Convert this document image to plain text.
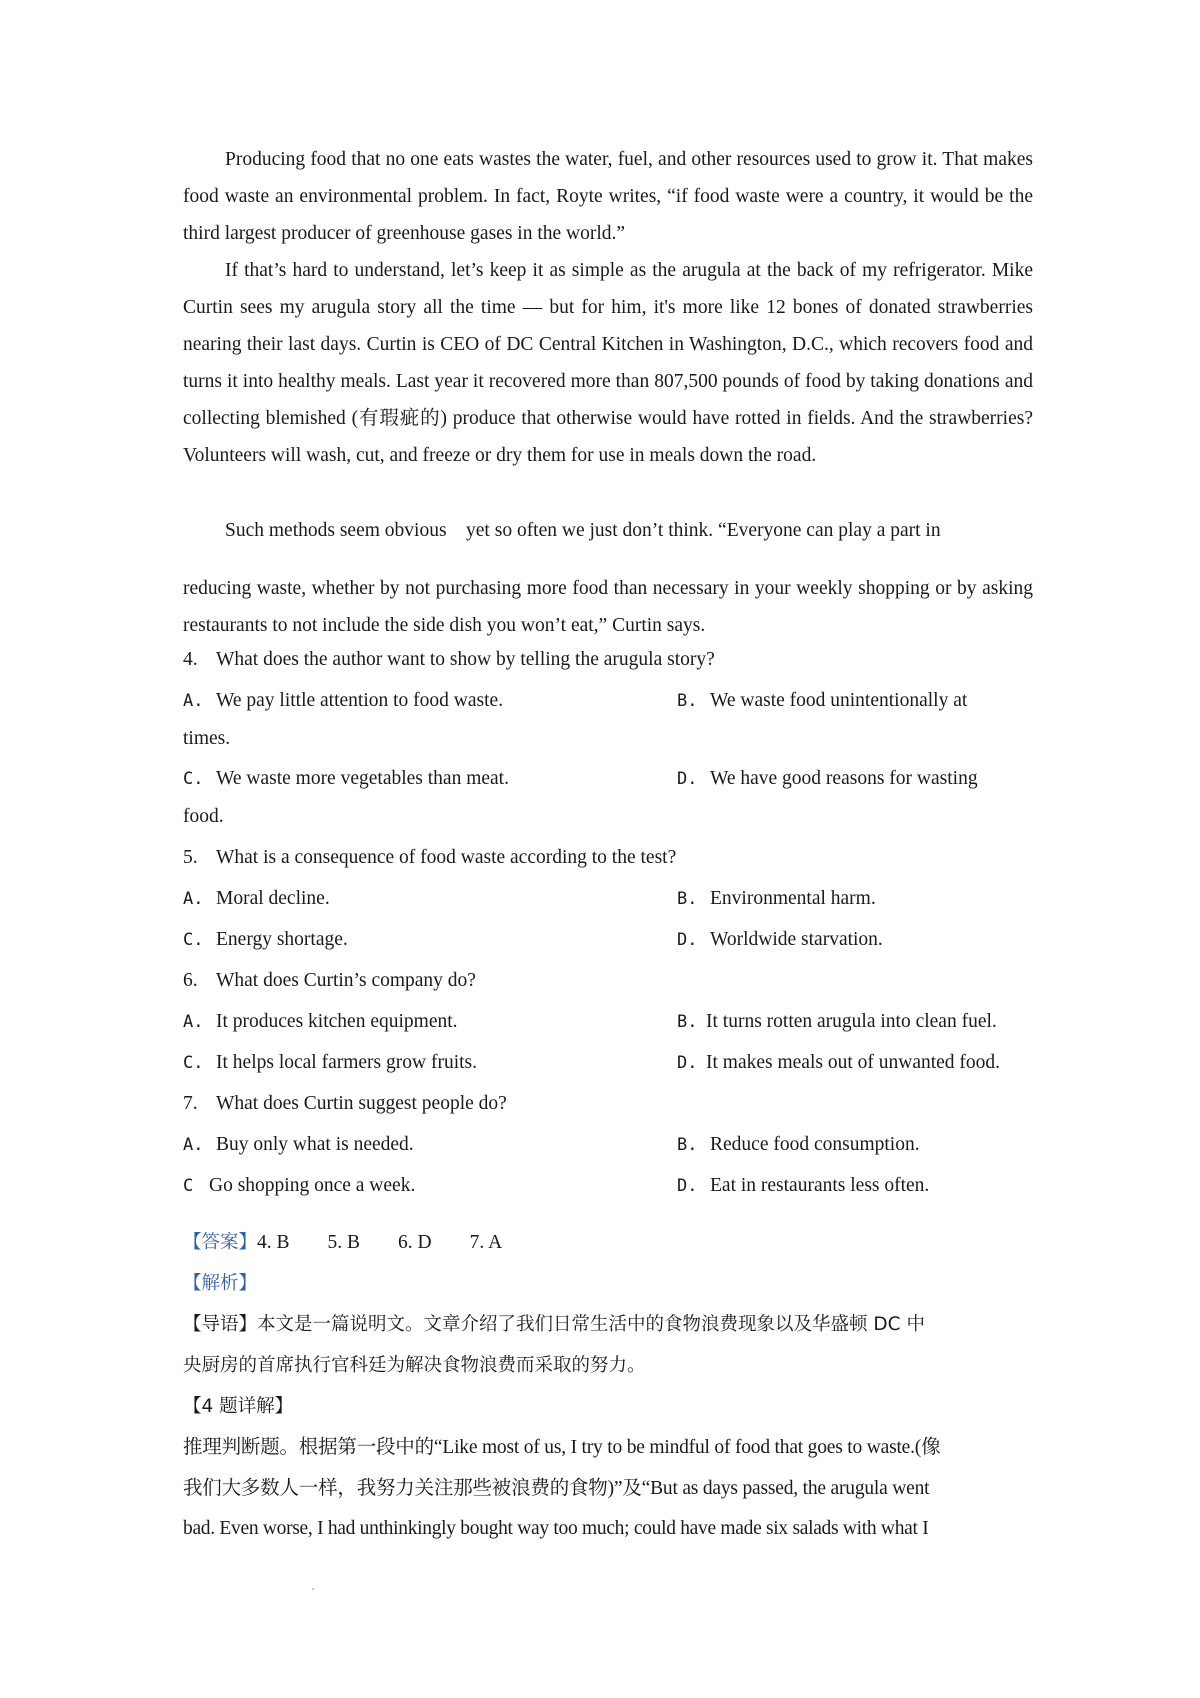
Producing food that no one eats wastes the water, fuel, and other resources used to grow it. That makes food waste an environmental problem. In fact, Royte writes, “if food waste were a country, it would be the third largest producer of greenhouse gases in the world.”

If that’s hard to understand, let’s keep it as simple as the arugula at the back of my refrigerator. Mike Curtin sees my arugula story all the time — but for him, it's more like 12 bones of donated strawberries nearing their last days. Curtin is CEO of DC Central Kitchen in Washington, D.C., which recovers food and turns it into healthy meals. Last year it recovered more than 807,500 pounds of food by taking donations and collecting blemished (有瑕疵的) produce that otherwise would have rotted in fields. And the strawberries? Volunteers will wash, cut, and freeze or dry them for use in meals down the road.

Such methods seem obvious    yet so often we just don’t think. “Everyone can play a part in

reducing waste, whether by not purchasing more food than necessary in your weekly shopping or by asking restaurants to not include the side dish you won’t eat,” Curtin says.

4. What does the author want to show by telling the arugula story?
A. We pay little attention to food waste.	B. We waste food unintentionally at
times.
C. We waste more vegetables than meat.	D. We have good reasons for wasting
food.
5. What is a consequence of food waste according to the test?
A. Moral decline.	B. Environmental harm.
C. Energy shortage.	D. Worldwide starvation.
6. What does Curtin’s company do?
A. It produces kitchen equipment.	B. It turns rotten arugula into clean fuel.
C. It helps local farmers grow fruits.	D. It makes meals out of unwanted food.
7. What does Curtin suggest people do?
A. Buy only what is needed.	B. Reduce food consumption.
C Go shopping once a week.	D. Eat in restaurants less often.
【答案】4. B 5. B 6. D 7. A
【解析】
【导语】本文是一篇说明文。文章介绍了我们日常生活中的食物浪费现象以及华盛顿 DC 中
央厨房的首席执行官科廷为解决食物浪费而采取的努力。
【4 题详解】
推理判断题。根据第一段中的“Like most of us, I try to be mindful of food that goes to waste.(像
我们大多数人一样，我努力关注那些被浪费的食物)”及“But as days passed, the arugula went
bad. Even worse, I had unthinkingly bought way too much; could have made six salads with what I
